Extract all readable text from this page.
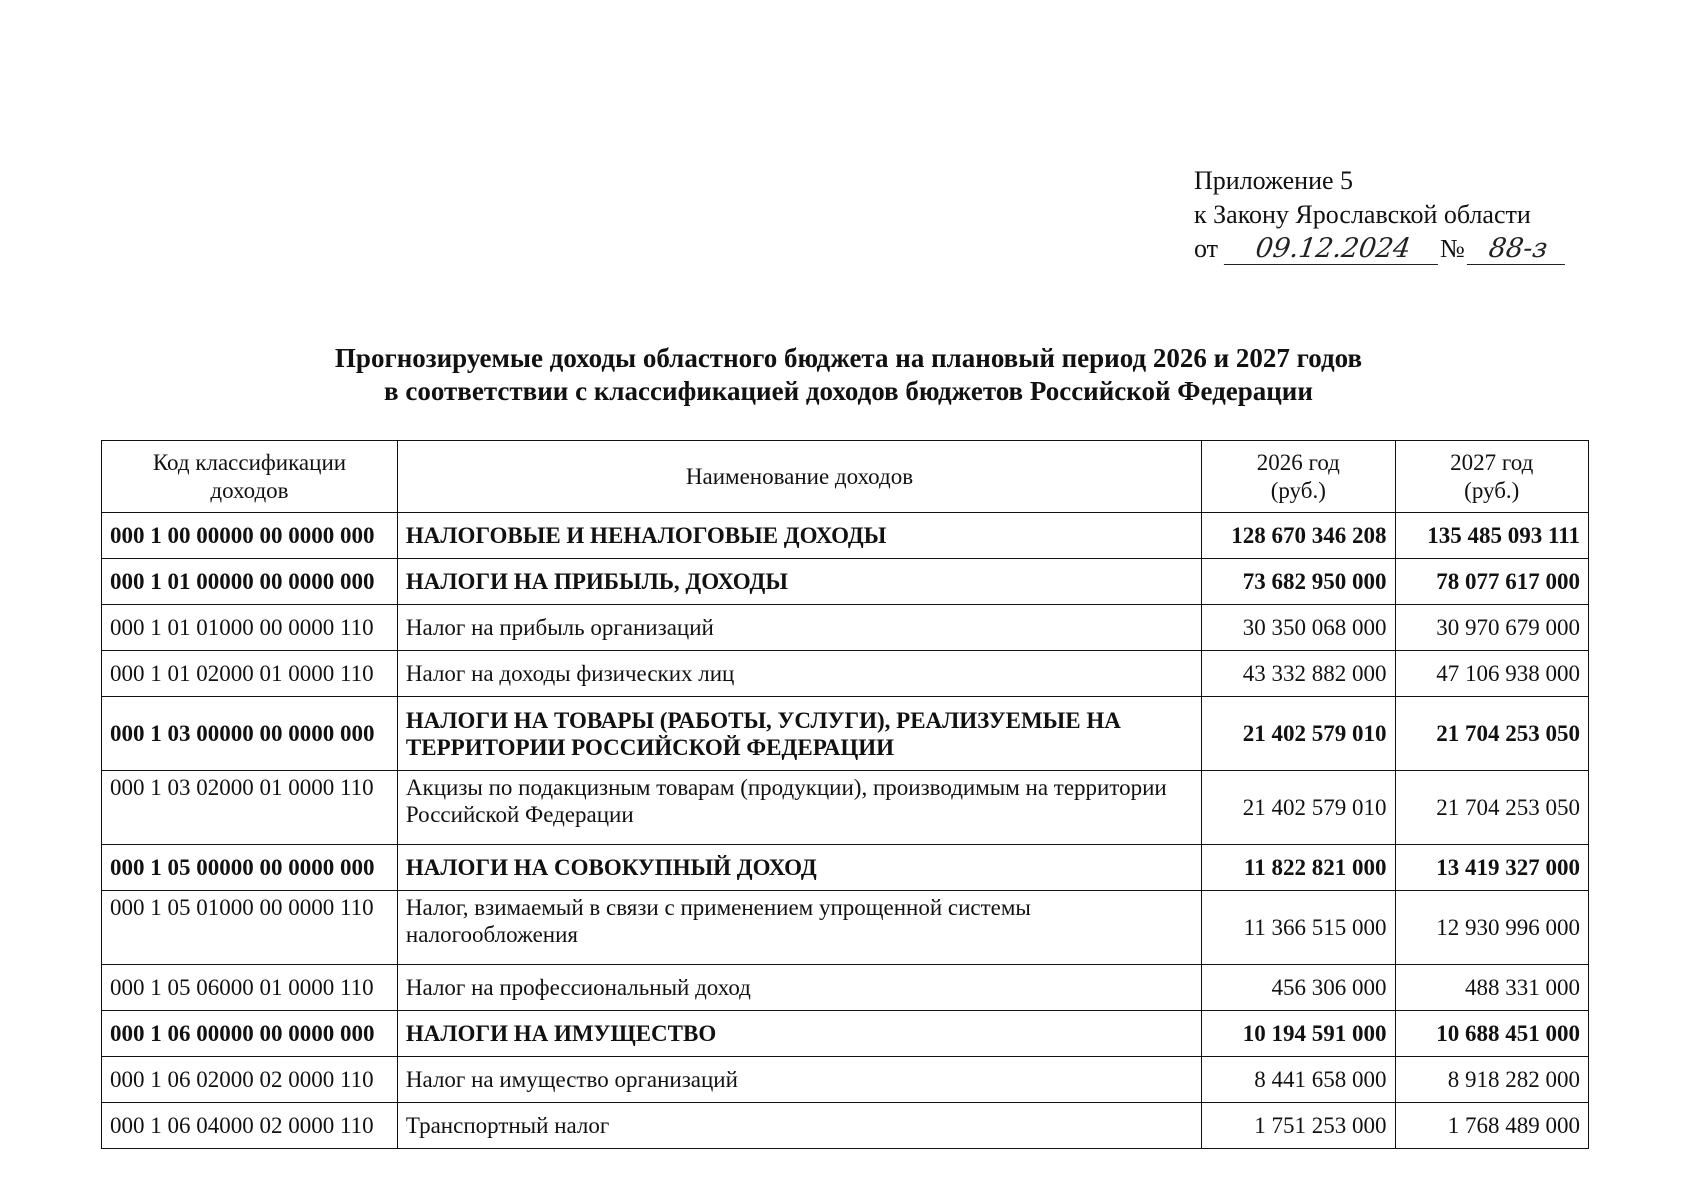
Приложение 5
к Закону Ярославской области
от 09.12.2024 № 88-з
Прогнозируемые доходы областного бюджета на плановый период 2026 и 2027 годов
в соответствии с классификацией доходов бюджетов Российской Федерации
Код классификации доходов	Наименование доходов	2026 год (руб.)	2027 год (руб.)
000 1 00 00000 00 0000 000	НАЛОГОВЫЕ И НЕНАЛОГОВЫЕ ДОХОДЫ	128 670 346 208	135 485 093 111
000 1 01 00000 00 0000 000	НАЛОГИ НА ПРИБЫЛЬ, ДОХОДЫ	73 682 950 000	78 077 617 000
000 1 01 01000 00 0000 110	Налог на прибыль организаций	30 350 068 000	30 970 679 000
000 1 01 02000 01 0000 110	Налог на доходы физических лиц	43 332 882 000	47 106 938 000
000 1 03 00000 00 0000 000	НАЛОГИ НА ТОВАРЫ (РАБОТЫ, УСЛУГИ), РЕАЛИЗУЕМЫЕ НА ТЕРРИТОРИИ РОССИЙСКОЙ ФЕДЕРАЦИИ	21 402 579 010	21 704 253 050
000 1 03 02000 01 0000 110	Акцизы по подакцизным товарам (продукции), производимым на территории Российской Федерации	21 402 579 010	21 704 253 050
000 1 05 00000 00 0000 000	НАЛОГИ НА СОВОКУПНЫЙ ДОХОД	11 822 821 000	13 419 327 000
000 1 05 01000 00 0000 110	Налог, взимаемый в связи с применением упрощенной системы налогообложения	11 366 515 000	12 930 996 000
000 1 05 06000 01 0000 110	Налог на профессиональный доход	456 306 000	488 331 000
000 1 06 00000 00 0000 000	НАЛОГИ НА ИМУЩЕСТВО	10 194 591 000	10 688 451 000
000 1 06 02000 02 0000 110	Налог на имущество организаций	8 441 658 000	8 918 282 000
000 1 06 04000 02 0000 110	Транспортный налог	1 751 253 000	1 768 489 000
